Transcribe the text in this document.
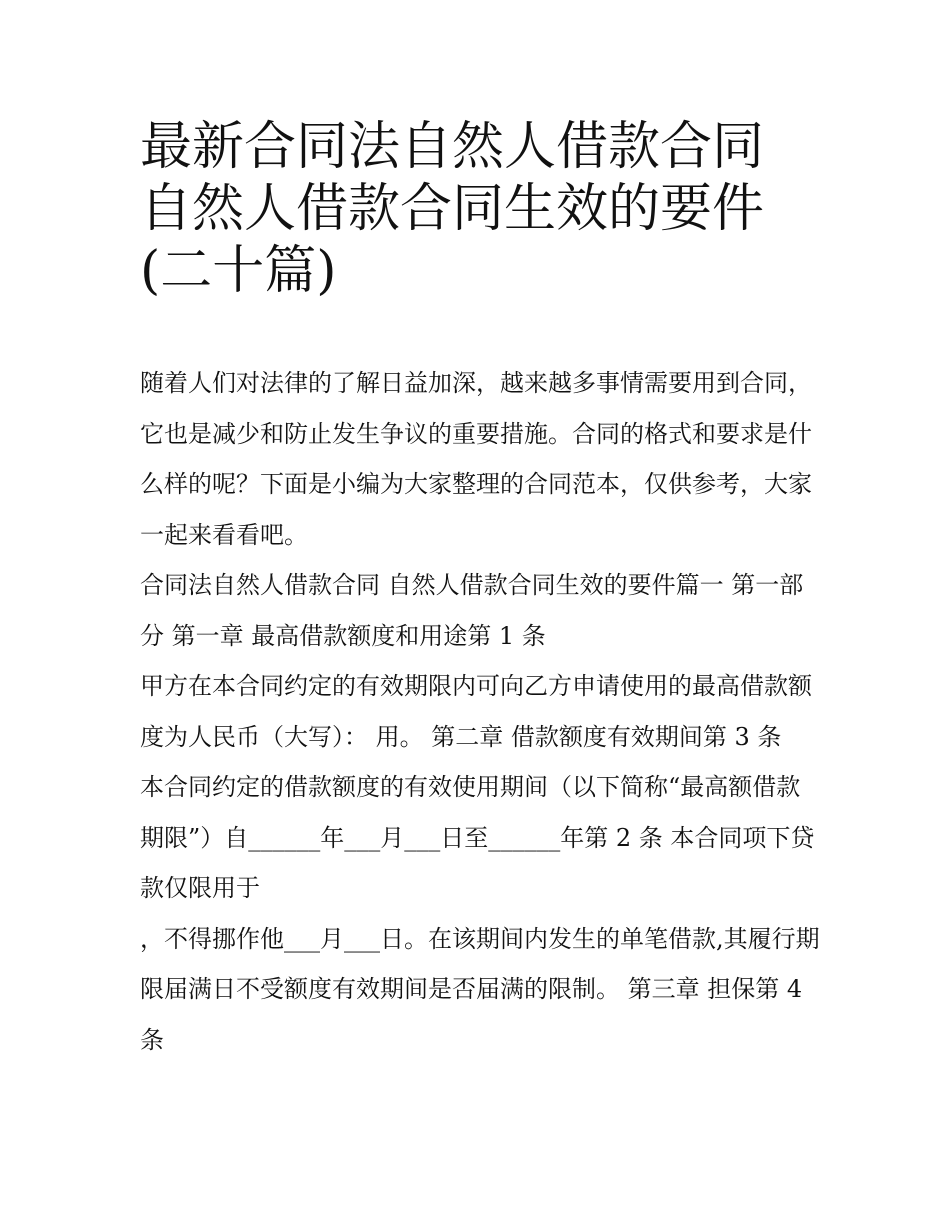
最新合同法自然人借款合同 自然人借款合同生效的要件(二十篇)

随着人们对法律的了解日益加深，越来越多事情需要用到合同，它也是减少和防止发生争议的重要措施。合同的格式和要求是什么样的呢？下面是小编为大家整理的合同范本，仅供参考，大家一起来看看吧。

合同法自然人借款合同 自然人借款合同生效的要件篇一 第一部分 第一章 最高借款额度和用途第 1 条

甲方在本合同约定的有效期限内可向乙方申请使用的最高借款额度为人民币（大写）： 用。 第二章 借款额度有效期间第 3 条

本合同约定的借款额度的有效使用期间（以下简称“最高额借款期限”）自______年___月___日至______年第 2 条 本合同项下贷款仅限用于

，不得挪作他___月___日。在该期间内发生的单笔借款,其履行期限届满日不受额度有效期间是否届满的限制。 第三章 担保第 4 条
